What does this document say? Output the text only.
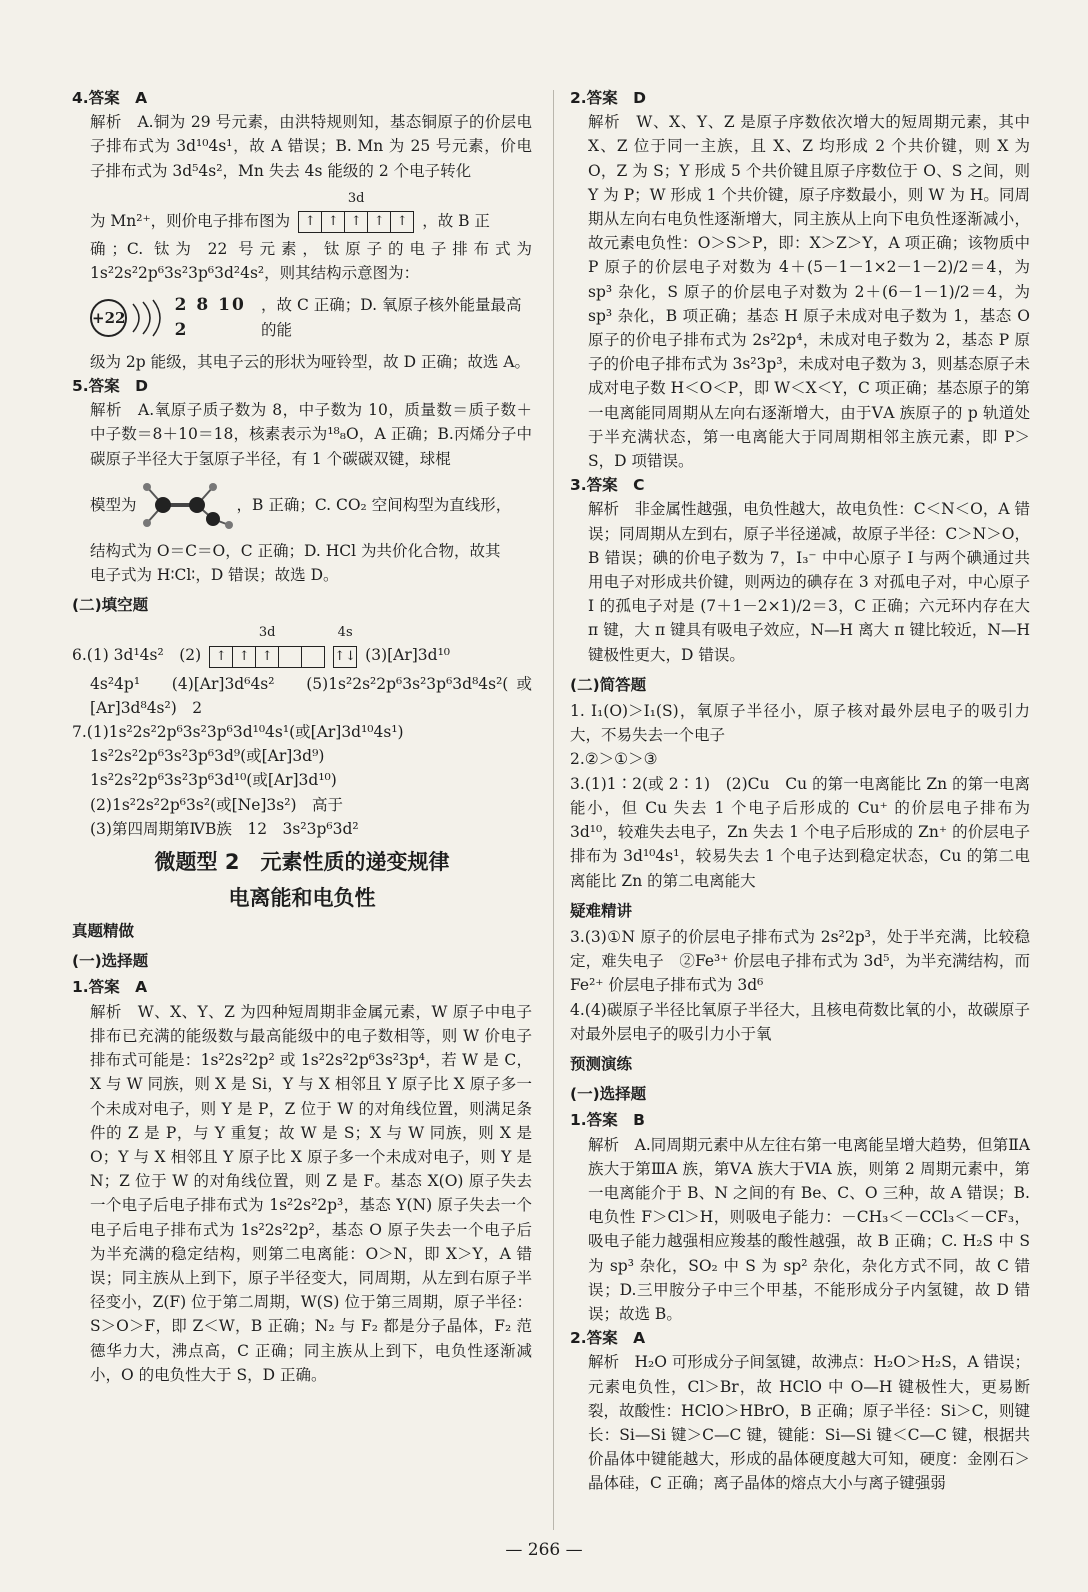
4.答案　A

解析　A.铜为 29 号元素，由洪特规则知，基态铜原子的价层电子排布式为 3d¹⁰4s¹，故 A 错误；B. Mn 为 25 号元素，价电子排布式为 3d⁵4s²，Mn 失去 4s 能级的 2 个电子转化

为 Mn²⁺，则价电子排布图为
3d
↑ ↑ ↑ ↑ ↑ ，故 B 正

确；C. 钛为 22 号元素，钛原子的电子排布式为 1s²2s²2p⁶3s²3p⁶3d²4s²，则其结构示意图为：

+22
2 8 10 2
，故 C 正确；D. 氧原子核外能量最高的能

级为 2p 能级，其电子云的形状为哑铃型，故 D 正确；故选 A。

5.答案　D

解析　A.氧原子质子数为 8，中子数为 10，质量数＝质子数＋中子数＝8＋10＝18，核素表示为¹⁸₈O，A 正确；B.丙烯分子中碳原子半径大于氢原子半径，有 1 个碳碳双键，球棍

模型为	，B 正确；C. CO₂ 空间构型为直线形，

结构式为 O＝C＝O，C 正确；D. HCl 为共价化合物，故其

电子式为 H∶Cl∶，D 错误；故选 D。

(二)填空题

6.(1) 3d¹4s²　(2)
3d
↑ ↑ ↑
4s
↑↓ (3)[Ar]3d¹⁰

4s²4p¹　(4)[Ar]3d⁶4s²　(5)1s²2s²2p⁶3s²3p⁶3d⁸4s²(或[Ar]3d⁸4s²)　2

7.(1)1s²2s²2p⁶3s²3p⁶3d¹⁰4s¹(或[Ar]3d¹⁰4s¹)

1s²2s²2p⁶3s²3p⁶3d⁹(或[Ar]3d⁹)

1s²2s²2p⁶3s²3p⁶3d¹⁰(或[Ar]3d¹⁰)

(2)1s²2s²2p⁶3s²(或[Ne]3s²)　高于

(3)第四周期第ⅣB族　12　3s²3p⁶3d²

微题型 2　元素性质的递变规律

电离能和电负性

真题精做

(一)选择题

1.答案　A

解析　W、X、Y、Z 为四种短周期非金属元素，W 原子中电子排布已充满的能级数与最高能级中的电子数相等，则 W 价电子排布式可能是：1s²2s²2p² 或 1s²2s²2p⁶3s²3p⁴，若 W 是 C，X 与 W 同族，则 X 是 Si，Y 与 X 相邻且 Y 原子比 X 原子多一个未成对电子，则 Y 是 P，Z 位于 W 的对角线位置，则满足条件的 Z 是 P，与 Y 重复；故 W 是 S；X 与 W 同族，则 X 是 O；Y 与 X 相邻且 Y 原子比 X 原子多一个未成对电子，则 Y 是 N；Z 位于 W 的对角线位置，则 Z 是 F。基态 X(O) 原子失去一个电子后电子排布式为 1s²2s²2p³，基态 Y(N) 原子失去一个电子后电子排布式为 1s²2s²2p²，基态 O 原子失去一个电子后为半充满的稳定结构，则第二电离能：O＞N，即 X＞Y，A 错误；同主族从上到下，原子半径变大，同周期，从左到右原子半径变小，Z(F) 位于第二周期，W(S) 位于第三周期，原子半径：S＞O＞F，即 Z＜W，B 正确；N₂ 与 F₂ 都是分子晶体，F₂ 范德华力大，沸点高，C 正确；同主族从上到下，电负性逐渐减小，O 的电负性大于 S，D 正确。

2.答案　D

解析　W、X、Y、Z 是原子序数依次增大的短周期元素，其中 X、Z 位于同一主族，且 X、Z 均形成 2 个共价键，则 X 为 O，Z 为 S；Y 形成 5 个共价键且原子序数位于 O、S 之间，则 Y 为 P；W 形成 1 个共价键，原子序数最小，则 W 为 H。同周期从左向右电负性逐渐增大，同主族从上向下电负性逐渐减小，故元素电负性：O＞S＞P，即：X＞Z＞Y，A 项正确；该物质中 P 原子的价层电子对数为 4＋(5－1－1×2－1－2)/2＝4，为 sp³ 杂化，S 原子的价层电子对数为 2＋(6－1－1)/2＝4，为 sp³ 杂化，B 项正确；基态 H 原子未成对电子数为 1，基态 O 原子的价电子排布式为 2s²2p⁴，未成对电子数为 2，基态 P 原子的价电子排布式为 3s²3p³，未成对电子数为 3，则基态原子未成对电子数 H＜O＜P，即 W＜X＜Y，C 项正确；基态原子的第一电离能同周期从左向右逐渐增大，由于ⅤA 族原子的 p 轨道处于半充满状态，第一电离能大于同周期相邻主族元素，即 P＞S，D 项错误。

3.答案　C

解析　非金属性越强，电负性越大，故电负性：C＜N＜O，A 错误；同周期从左到右，原子半径递减，故原子半径：C＞N＞O，B 错误；碘的价电子数为 7，I₃⁻ 中中心原子 I 与两个碘通过共用电子对形成共价键，则两边的碘存在 3 对孤电子对，中心原子 I 的孤电子对是 (7＋1－2×1)/2＝3，C 正确；六元环内存在大 π 键，大 π 键具有吸电子效应，N—H 离大 π 键比较近，N—H 键极性更大，D 错误。

(二)简答题

1. I₁(O)＞I₁(S)，氧原子半径小，原子核对最外层电子的吸引力大，不易失去一个电子

2.②＞①＞③

3.(1)1∶2(或 2∶1)　(2)Cu　Cu 的第一电离能比 Zn 的第一电离能小，但 Cu 失去 1 个电子后形成的 Cu⁺ 的价层电子排布为 3d¹⁰，较难失去电子，Zn 失去 1 个电子后形成的 Zn⁺ 的价层电子排布为 3d¹⁰4s¹，较易失去 1 个电子达到稳定状态，Cu 的第二电离能比 Zn 的第二电离能大

疑难精讲

3.(3)①N 原子的价层电子排布式为 2s²2p³，处于半充满，比较稳定，难失电子　②Fe³⁺ 价层电子排布式为 3d⁵，为半充满结构，而 Fe²⁺ 价层电子排布式为 3d⁶

4.(4)碳原子半径比氧原子半径大，且核电荷数比氧的小，故碳原子对最外层电子的吸引力小于氧

预测演练

(一)选择题

1.答案　B

解析　A.同周期元素中从左往右第一电离能呈增大趋势，但第ⅡA 族大于第ⅢA 族，第ⅤA 族大于ⅥA 族，则第 2 周期元素中，第一电离能介于 B、N 之间的有 Be、C、O 三种，故 A 错误；B.电负性 F＞Cl＞H，则吸电子能力：－CH₃＜－CCl₃＜－CF₃，吸电子能力越强相应羧基的酸性越强，故 B 正确；C. H₂S 中 S 为 sp³ 杂化，SO₂ 中 S 为 sp² 杂化，杂化方式不同，故 C 错误；D.三甲胺分子中三个甲基，不能形成分子内氢键，故 D 错误；故选 B。

2.答案　A

解析　H₂O 可形成分子间氢键，故沸点：H₂O＞H₂S，A 错误；元素电负性，Cl＞Br，故 HClO 中 O—H 键极性大，更易断裂，故酸性：HClO＞HBrO，B 正确；原子半径：Si＞C，则键长：Si—Si 键＞C—C 键，键能：Si—Si 键＜C—C 键，根据共价晶体中键能越大，形成的晶体硬度越大可知，硬度：金刚石＞晶体硅，C 正确；离子晶体的熔点大小与离子键强弱

— 266 —
